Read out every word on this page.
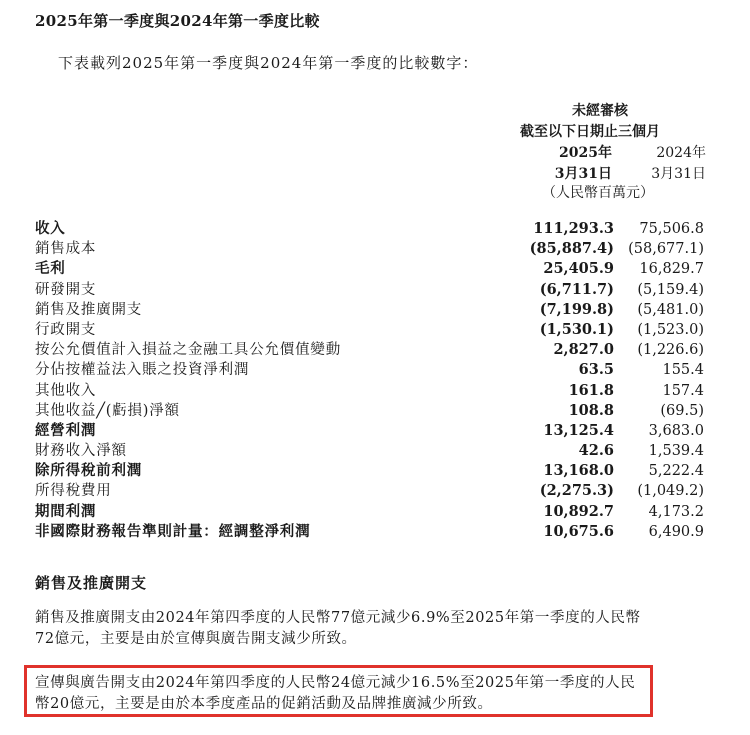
2025年第一季度與2024年第一季度比較
下表載列2025年第一季度與2024年第一季度的比較數字：
未經審核
截至以下日期止三個月
2025年	2024年
3月31日	3月31日
（人民幣百萬元）
收入	111,293.3 75,506.8
銷售成本	(85,887.4) (58,677.1)
毛利	25,405.9 16,829.7
研發開支	(6,711.7) (5,159.4)
銷售及推廣開支	(7,199.8) (5,481.0)
行政開支	(1,530.1) (1,523.0)
按公允價值計入損益之金融工具公允價值變動	2,827.0 (1,226.6)
分佔按權益法入賬之投資淨利潤	63.5	155.4
其他收入	161.8	157.4
其他收益╱(虧損)淨額	108.8	(69.5)
經營利潤	13,125.4 3,683.0
財務收入淨額	42.6 1,539.4
除所得稅前利潤	13,168.0 5,222.4
所得稅費用	(2,275.3) (1,049.2)
期間利潤	10,892.7 4,173.2
非國際財務報告準則計量：經調整淨利潤	10,675.6 6,490.9
銷售及推廣開支
銷售及推廣開支由2024年第四季度的人民幣77億元減少6.9%至2025年第一季度的人民幣
72億元，主要是由於宣傳與廣告開支減少所致。
宣傳與廣告開支由2024年第四季度的人民幣24億元減少16.5%至2025年第一季度的人民
幣20億元，主要是由於本季度產品的促銷活動及品牌推廣減少所致。
